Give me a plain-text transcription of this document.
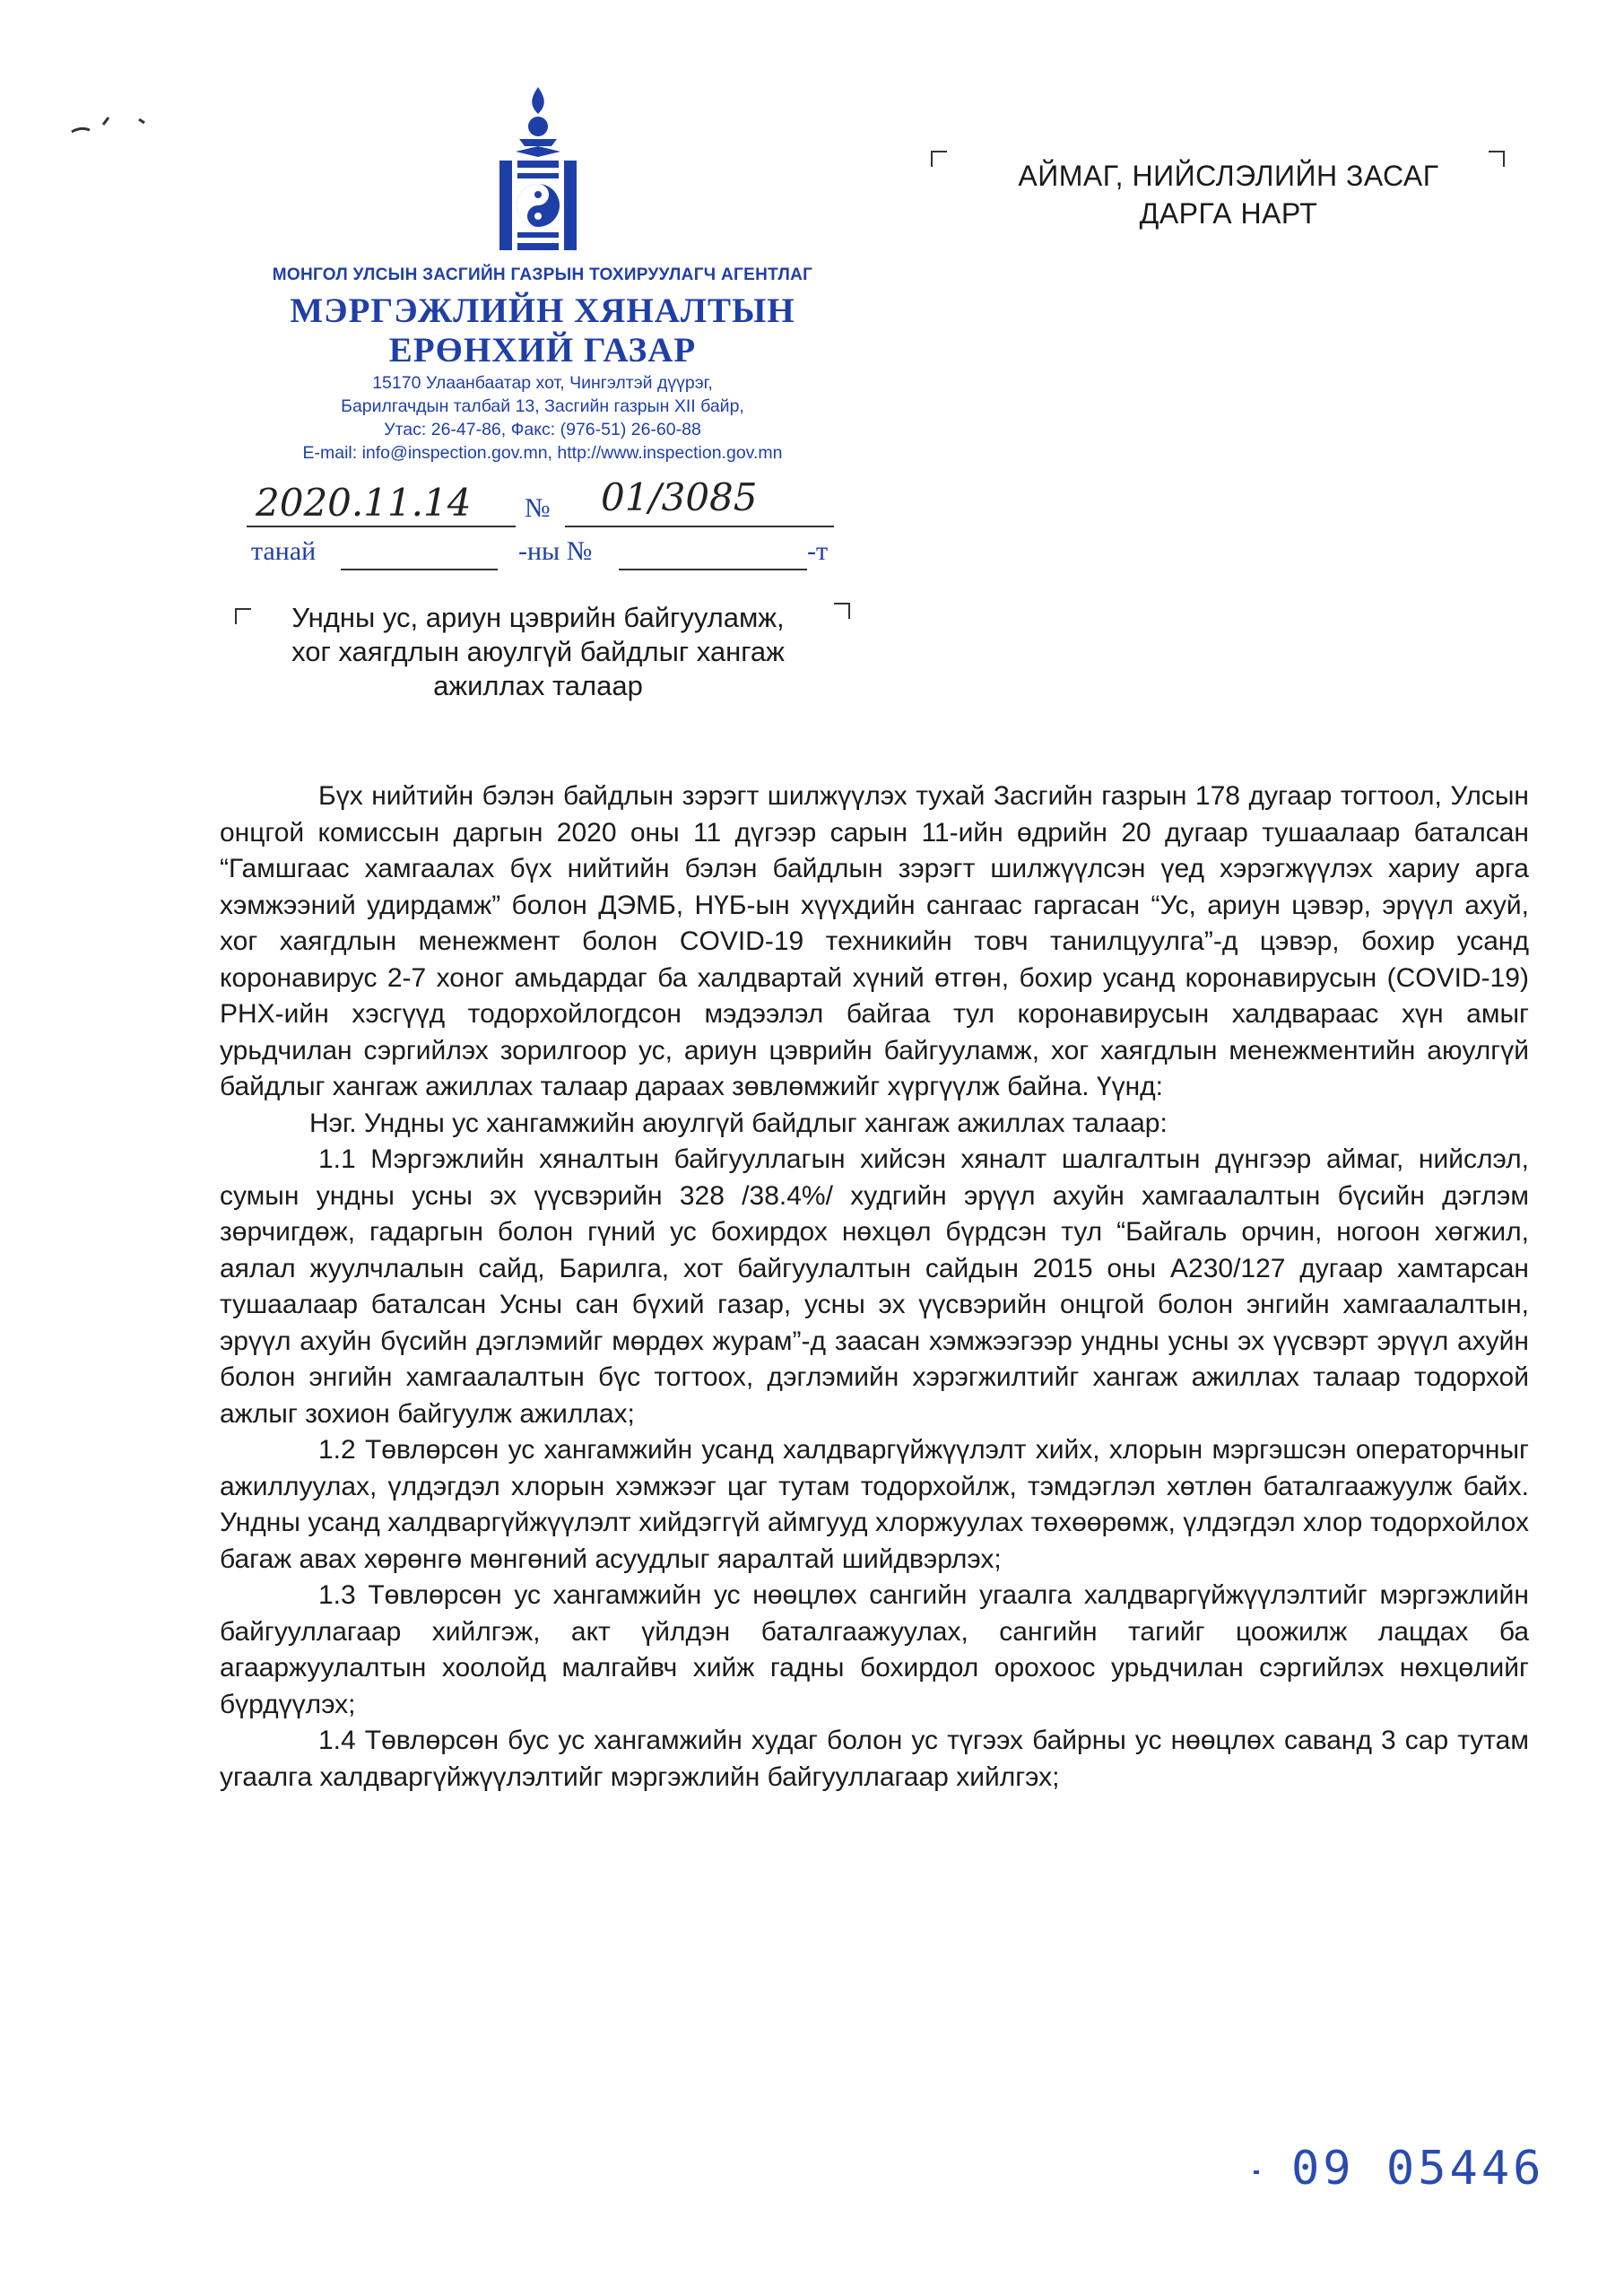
МОНГОЛ УЛСЫН ЗАСГИЙН ГАЗРЫН ТОХИРУУЛАГЧ АГЕНТЛАГ
МЭРГЭЖЛИЙН ХЯНАЛТЫН
ЕРӨНХИЙ ГАЗАР
15170 Улаанбаатар хот, Чингэлтэй дүүрэг,
Барилгачдын талбай 13, Засгийн газрын XII байр,
Утас: 26-47-86, Факс: (976-51) 26-60-88
E-mail: info@inspection.gov.mn, http://www.inspection.gov.mn
2020.11.14 № 01/3085
танай	-ны №	-т
АЙМАГ, НИЙСЛЭЛИЙН ЗАСАГ
ДАРГА НАРТ
Ундны ус, ариун цэврийн байгууламж,
хог хаягдлын аюулгүй байдлыг хангаж
ажиллах талаар

Бүх нийтийн бэлэн байдлын зэрэгт шилжүүлэх тухай Засгийн газрын 178 дугаар тогтоол, Улсын онцгой комиссын даргын 2020 оны 11 дүгээр сарын 11-ийн өдрийн 20 дугаар тушаалаар баталсан “Гамшгаас хамгаалах бүх нийтийн бэлэн байдлын зэрэгт шилжүүлсэн үед хэрэгжүүлэх хариу арга хэмжээний удирдамж” болон ДЭМБ, НҮБ-ын хүүхдийн сангаас гаргасан “Ус, ариун цэвэр, эрүүл ахуй, хог хаягдлын менежмент болон COVID-19 техникийн товч танилцуулга”-д цэвэр, бохир усанд коронавирус 2-7 хоног амьдардаг ба халдвартай хүний өтгөн, бохир усанд коронавирусын (COVID-19) РНХ-ийн хэсгүүд тодорхойлогдсон мэдээлэл байгаа тул коронавирусын халдвараас хүн амыг урьдчилан сэргийлэх зорилгоор ус, ариун цэврийн байгууламж, хог хаягдлын менежментийн аюулгүй байдлыг хангаж ажиллах талаар дараах зөвлөмжийг хүргүүлж байна. Үүнд:

Нэг. Ундны ус хангамжийн аюулгүй байдлыг хангаж ажиллах талаар:

1.1 Мэргэжлийн хяналтын байгууллагын хийсэн хяналт шалгалтын дүнгээр аймаг, нийслэл, сумын ундны усны эх үүсвэрийн 328 /38.4%/ худгийн эрүүл ахуйн хамгаалалтын бүсийн дэглэм зөрчигдөж, гадаргын болон гүний ус бохирдох нөхцөл бүрдсэн тул “Байгаль орчин, ногоон хөгжил, аялал жуулчлалын сайд, Барилга, хот байгуулалтын сайдын 2015 оны А230/127 дугаар хамтарсан тушаалаар баталсан Усны сан бүхий газар, усны эх үүсвэрийн онцгой болон энгийн хамгаалалтын, эрүүл ахуйн бүсийн дэглэмийг мөрдөх журам”-д заасан хэмжээгээр ундны усны эх үүсвэрт эрүүл ахуйн болон энгийн хамгаалалтын бүс тогтоох, дэглэмийн хэрэгжилтийг хангаж ажиллах талаар тодорхой ажлыг зохион байгуулж ажиллах;

1.2 Төвлөрсөн ус хангамжийн усанд халдваргүйжүүлэлт хийх, хлорын мэргэшсэн операторчныг ажиллуулах, үлдэгдэл хлорын хэмжээг цаг тутам тодорхойлж, тэмдэглэл хөтлөн баталгаажуулж байх. Ундны усанд халдваргүйжүүлэлт хийдэггүй аймгууд хлоржуулах төхөөрөмж, үлдэгдэл хлор тодорхойлох багаж авах хөрөнгө мөнгөний асуудлыг яаралтай шийдвэрлэх;

1.3 Төвлөрсөн ус хангамжийн ус нөөцлөх сангийн угаалга халдваргүйжүүлэлтийг мэргэжлийн байгууллагаар хийлгэж, акт үйлдэн баталгаажуулах, сангийн тагийг цоожилж лацдах ба агааржуулалтын хоолойд малгайвч хийж гадны бохирдол орохоос урьдчилан сэргийлэх нөхцөлийг бүрдүүлэх;

1.4 Төвлөрсөн бус ус хангамжийн худаг болон ус түгээх байрны ус нөөцлөх саванд 3 сар тутам угаалга халдваргүйжүүлэлтийг мэргэжлийн байгууллагаар хийлгэх;

09 05446
